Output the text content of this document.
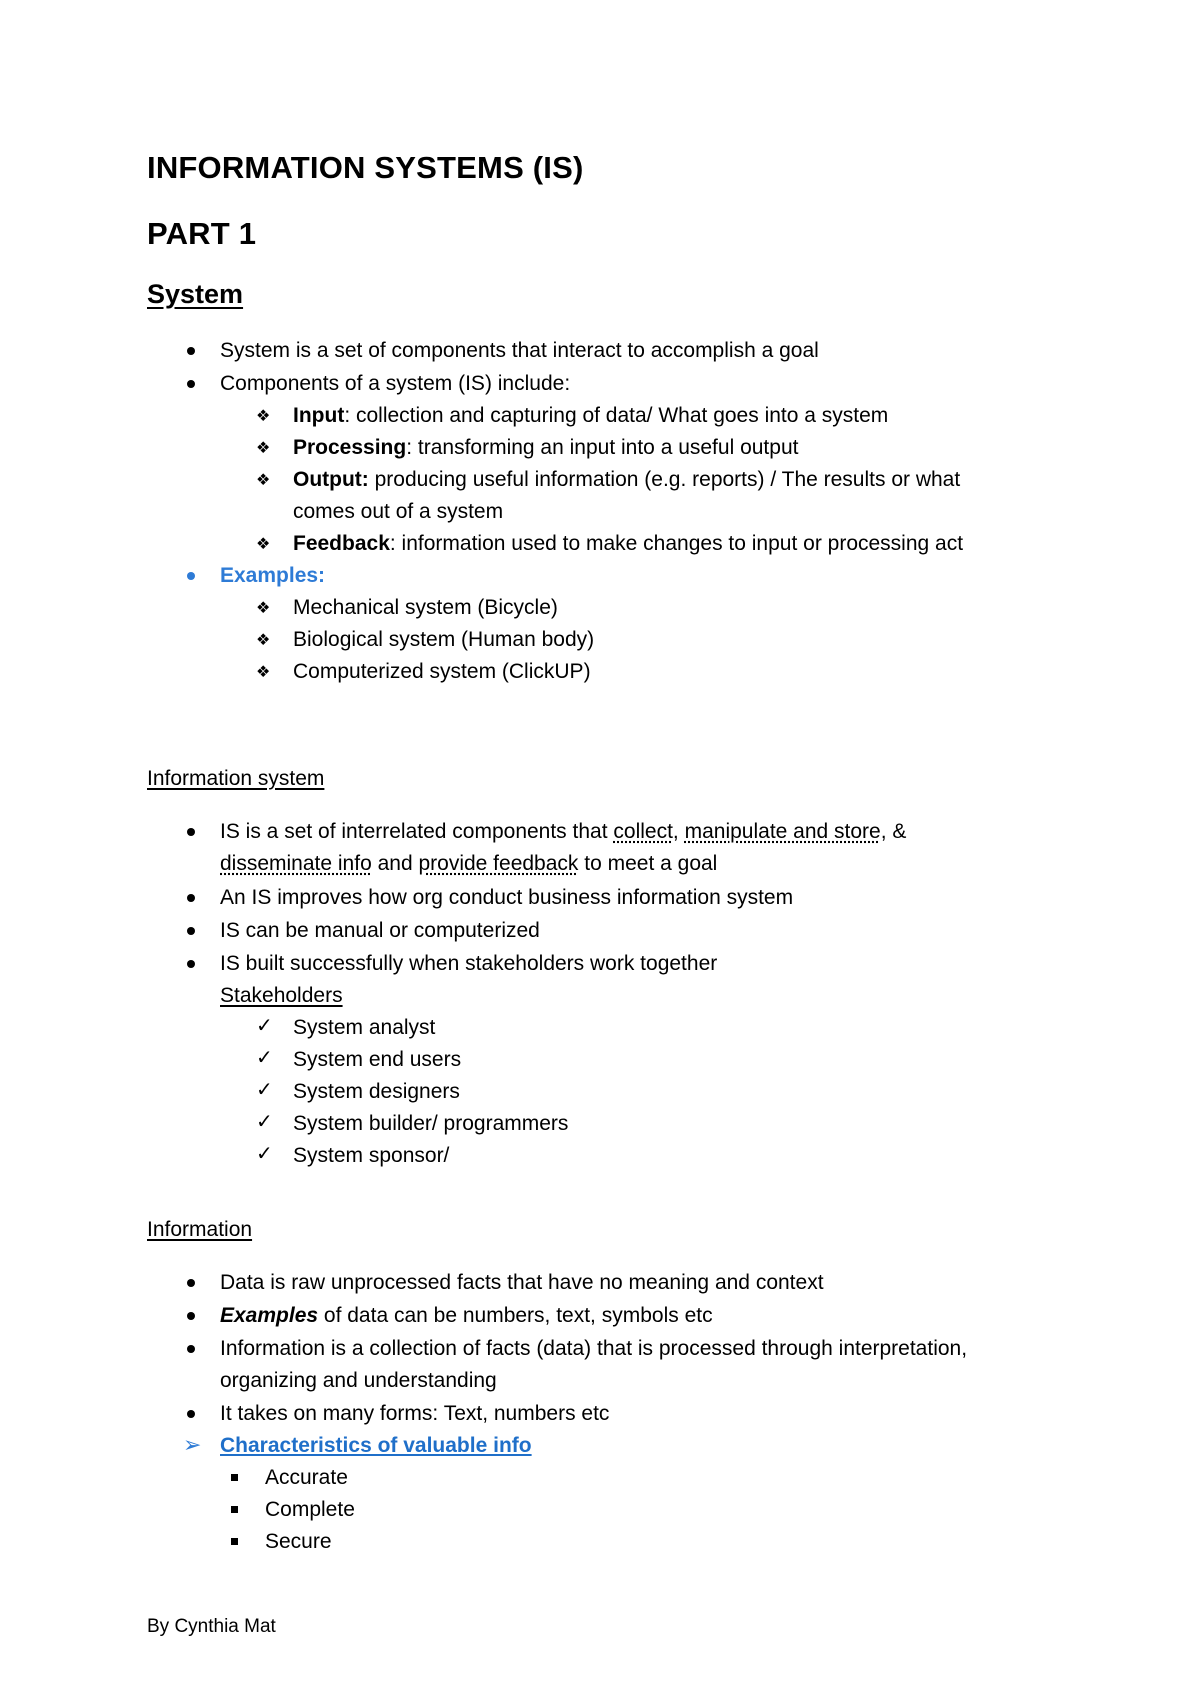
INFORMATION SYSTEMS (IS)
PART 1
System
System is a set of components that interact to accomplish a goal
Components of a system (IS) include:
❖ Input: collection and capturing of data/ What goes into a system
❖ Processing: transforming an input into a useful output
❖ Output: producing useful information (e.g. reports) / The results or what
comes out of a system
❖ Feedback: information used to make changes to input or processing act
Examples:
❖ Mechanical system (Bicycle)
❖ Biological system (Human body)
❖ Computerized system (ClickUP)
Information system
IS is a set of interrelated components that collect, manipulate and store, &
disseminate info and provide feedback to meet a goal
An IS improves how org conduct business information system
IS can be manual or computerized
IS built successfully when stakeholders work together
Stakeholders
✓ System analyst
✓ System end users
✓ System designers
✓ System builder/ programmers
✓ System sponsor/
Information
Data is raw unprocessed facts that have no meaning and context
Examples of data can be numbers, text, symbols etc
Information is a collection of facts (data) that is processed through interpretation,
organizing and understanding
It takes on many forms: Text, numbers etc
➢ Characteristics of valuable info
Accurate
Complete
Secure
By Cynthia Mat
